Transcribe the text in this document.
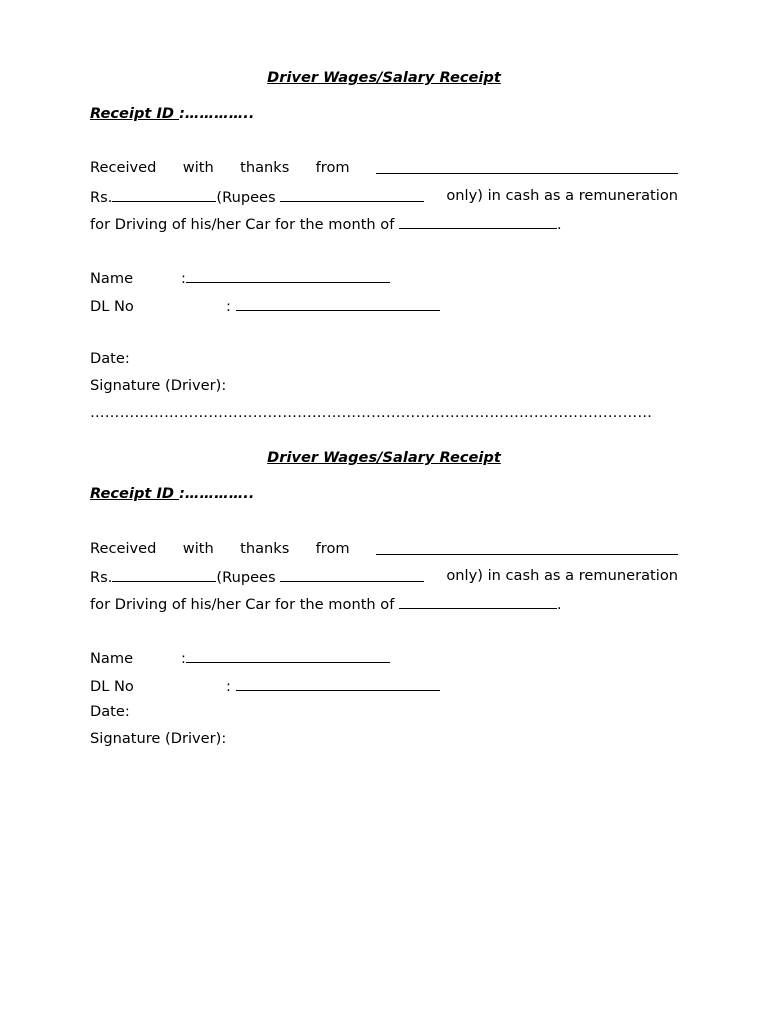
Driver Wages/Salary Receipt
Receipt ID :…………..
Received with thanks from
Rs.	(Rupees	only) in cash as a remuneration
for Driving of his/her Car for the month of	.
Name	:
DL No	:
Date:
Signature (Driver):
……………………………………………………………………………………………………
Driver Wages/Salary Receipt
Receipt ID :…………..
Received with thanks from
Rs.	(Rupees	only) in cash as a remuneration
for Driving of his/her Car for the month of	.
Name	:
DL No	:
Date:
Signature (Driver):
